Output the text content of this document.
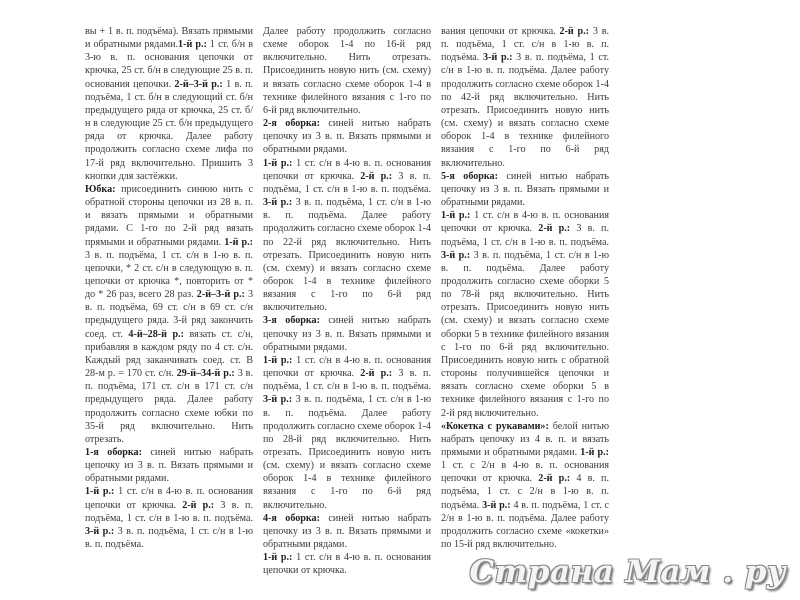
вы + 1 в. п. подъёма). Вязать прямыми и обратными рядами.1-й р.: 1 ст. б/н в 3-ю в. п. основания цепочки от крючка, 25 ст. б/н в следующие 25 в. п. основания цепочки. 2-й–3-й р.: 1 в. п. подъёма, 1 ст. б/н в следующий ст. б/н предыдущего ряда от крючка, 25 ст. б/н в следующие 25 ст. б/н предыдущего ряда от крючка. Далее работу продолжить согласно схеме лифа по 17-й ряд включительно. Пришить 3 кнопки для застёжки.

Юбка: присоединить синюю нить с обратной стороны цепочки из 28 в. п. и вязать прямыми и обратными рядами. С 1-го по 2-й ряд вязать прямыми и обратными рядами. 1-й р.: 3 в. п. подъёма, 1 ст. с/н в 1-ю в. п. цепочки, * 2 ст. с/н в следующую в. п. цепочки от крючка *, повторить от * до * 26 раз, всего 28 раз. 2-й–3-й р.: 3 в. п. подъёма, 69 ст. с/н в 69 ст. с/н предыдущего ряда. 3-й ряд закончить соед. ст. 4-й–28-й р.: вязать ст. с/н, прибавляя в каждом ряду по 4 ст. с/н. Каждый ряд заканчивать соед. ст. В 28-м р. = 170 ст. с/н. 29-й–34-й р.: 3 в. п. подъёма, 171 ст. с/н в 171 ст. с/н предыдущего ряда. Далее работу продолжить согласно схеме юбки по 35-й ряд включительно. Нить отрезать.

1-я оборка: синей нитью набрать цепочку из 3 в. п. Вязать прямыми и обратными рядами.

1-й р.: 1 ст. с/н в 4-ю в. п. основания цепочки от крючка. 2-й р.: 3 в. п. подъёма, 1 ст. с/н в 1-ю в. п. подъёма. 3-й р.: 3 в. п. подъёма, 1 ст. с/н в 1-ю в. п. подъёма.

Далее работу продолжить согласно схеме оборок 1-4 по 16-й ряд включительно. Нить отрезать. Присоединить новую нить (см. схему) и вязать согласно схеме оборок 1-4 в технике филейного вязания с 1-го по 6-й ряд включительно.

2-я оборка: синей нитью набрать цепочку из 3 в. п. Вязать прямыми и обратными рядами.

1-й р.: 1 ст. с/н в 4-ю в. п. основания цепочки от крючка. 2-й р.: 3 в. п. подъёма, 1 ст. с/н в 1-ю в. п. подъёма. 3-й р.: 3 в. п. подъёма, 1 ст. с/н в 1-ю в. п. подъёма. Далее работу продолжить согласно схеме оборок 1-4 по 22-й ряд включительно. Нить отрезать. Присоединить новую нить (см. схему) и вязать согласно схеме оборок 1-4 в технике филейного вязания с 1-го по 6-й ряд включительно.

3-я оборка: синей нитью набрать цепочку из 3 в. п. Вязать прямыми и обратными рядами.

1-й р.: 1 ст. с/н в 4-ю в. п. основания цепочки от крючка. 2-й р.: 3 в. п. подъёма, 1 ст. с/н в 1-ю в. п. подъёма. 3-й р.: 3 в. п. подъёма, 1 ст. с/н в 1-ю в. п. подъёма. Далее работу продолжить согласно схеме оборок 1-4 по 28-й ряд включительно. Нить отрезать. Присоединить новую нить (см. схему) и вязать согласно схеме оборок 1-4 в технике филейного вязания с 1-го по 6-й ряд включительно.

4-я оборка: синей нитью набрать цепочку из 3 в. п. Вязать прямыми и обратными рядами.

1-й р.: 1 ст. с/н в 4-ю в. п. основания цепочки от крючка.

вания цепочки от крючка. 2-й р.: 3 в. п. подъёма, 1 ст. с/н в 1-ю в. п. подъёма. 3-й р.: 3 в. п. подъёма, 1 ст. с/н в 1-ю в. п. подъёма. Далее работу продолжить согласно схеме оборок 1-4 по 42-й ряд включительно. Нить отрезать. Присоединить новую нить (см. схему) и вязать согласно схеме оборок 1-4 в технике филейного вязания с 1-го по 6-й ряд включительно.

5-я оборка: синей нитью набрать цепочку из 3 в. п. Вязать прямыми и обратными рядами.

1-й р.: 1 ст. с/н в 4-ю в. п. основания цепочки от крючка. 2-й р.: 3 в. п. подъёма, 1 ст. с/н в 1-ю в. п. подъёма. 3-й р.: 3 в. п. подъёма, 1 ст. с/н в 1-ю в. п. подъёма. Далее работу продолжить согласно схеме оборки 5 по 78-й ряд включительно. Нить отрезать. Присоединить новую нить (см. схему) и вязать согласно схеме оборки 5 в технике филейного вязания с 1-го по 6-й ряд включительно. Присоединить новую нить с обратной стороны получившейся цепочки и вязать согласно схеме оборки 5 в технике филейного вязания с 1-го по 2-й ряд включительно.

«Кокетка с рукавами»: белой нитью набрать цепочку из 4 в. п. и вязать прямыми и обратными рядами. 1-й р.: 1 ст. с 2/н в 4-ю в. п. основания цепочки от крючка. 2-й р.: 4 в. п. подъёма, 1 ст. с 2/н в 1-ю в. п. подъёма. 3-й р.: 4 в. п. подъёма, 1 ст. с 2/н в 1-ю в. п. подъёма. Далее работу продолжить согласно схеме «кокетки» по 15-й ряд включительно.

Страна Мам . ру
